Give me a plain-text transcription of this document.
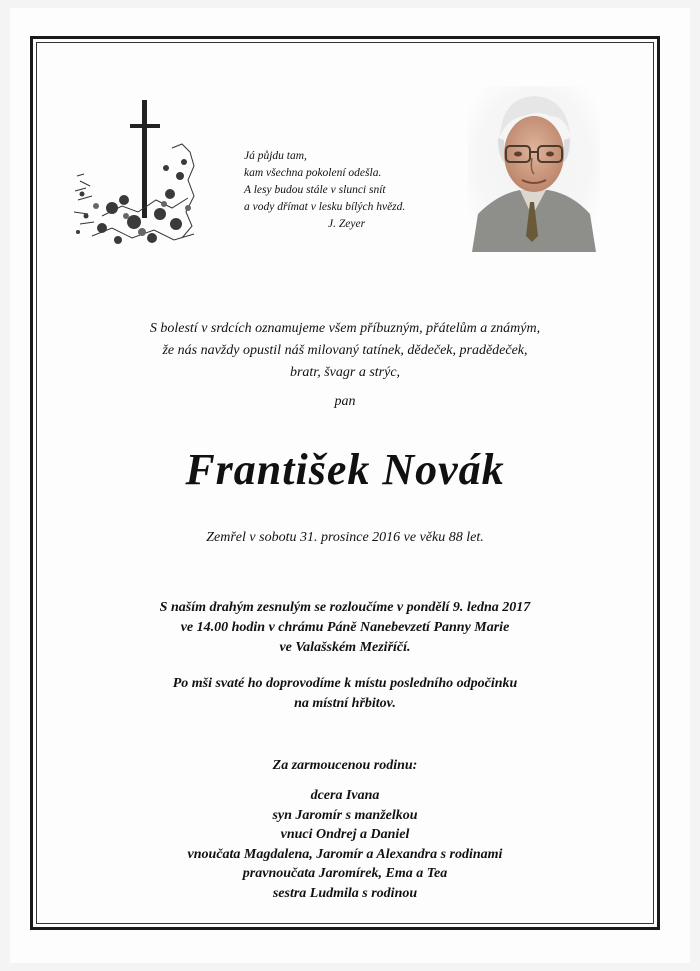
Já půjdu tam,
kam všechna pokolení odešla.
A lesy budou stále v slunci snít
a vody dřímat v lesku bílých hvězd.
J. Zeyer
S bolestí v srdcích oznamujeme všem příbuzným, přátelům a známým,
že nás navždy opustil náš milovaný tatínek, dědeček, pradědeček,
bratr, švagr a strýc,
pan
František Novák
Zemřel v sobotu 31. prosince 2016 ve věku 88 let.
S naším drahým zesnulým se rozloučíme v pondělí 9. ledna 2017
ve 14.00 hodin v chrámu Páně Nanebevzetí Panny Marie
ve Valašském Meziříčí.
Po mši svaté ho doprovodíme k místu posledního odpočinku
na místní hřbitov.
Za zarmoucenou rodinu:
dcera Ivana
syn Jaromír s manželkou
vnuci Ondrej a Daniel
vnoučata Magdalena, Jaromír a Alexandra s rodinami
pravnoučata Jaromírek, Ema a Tea
sestra Ludmila s rodinou
